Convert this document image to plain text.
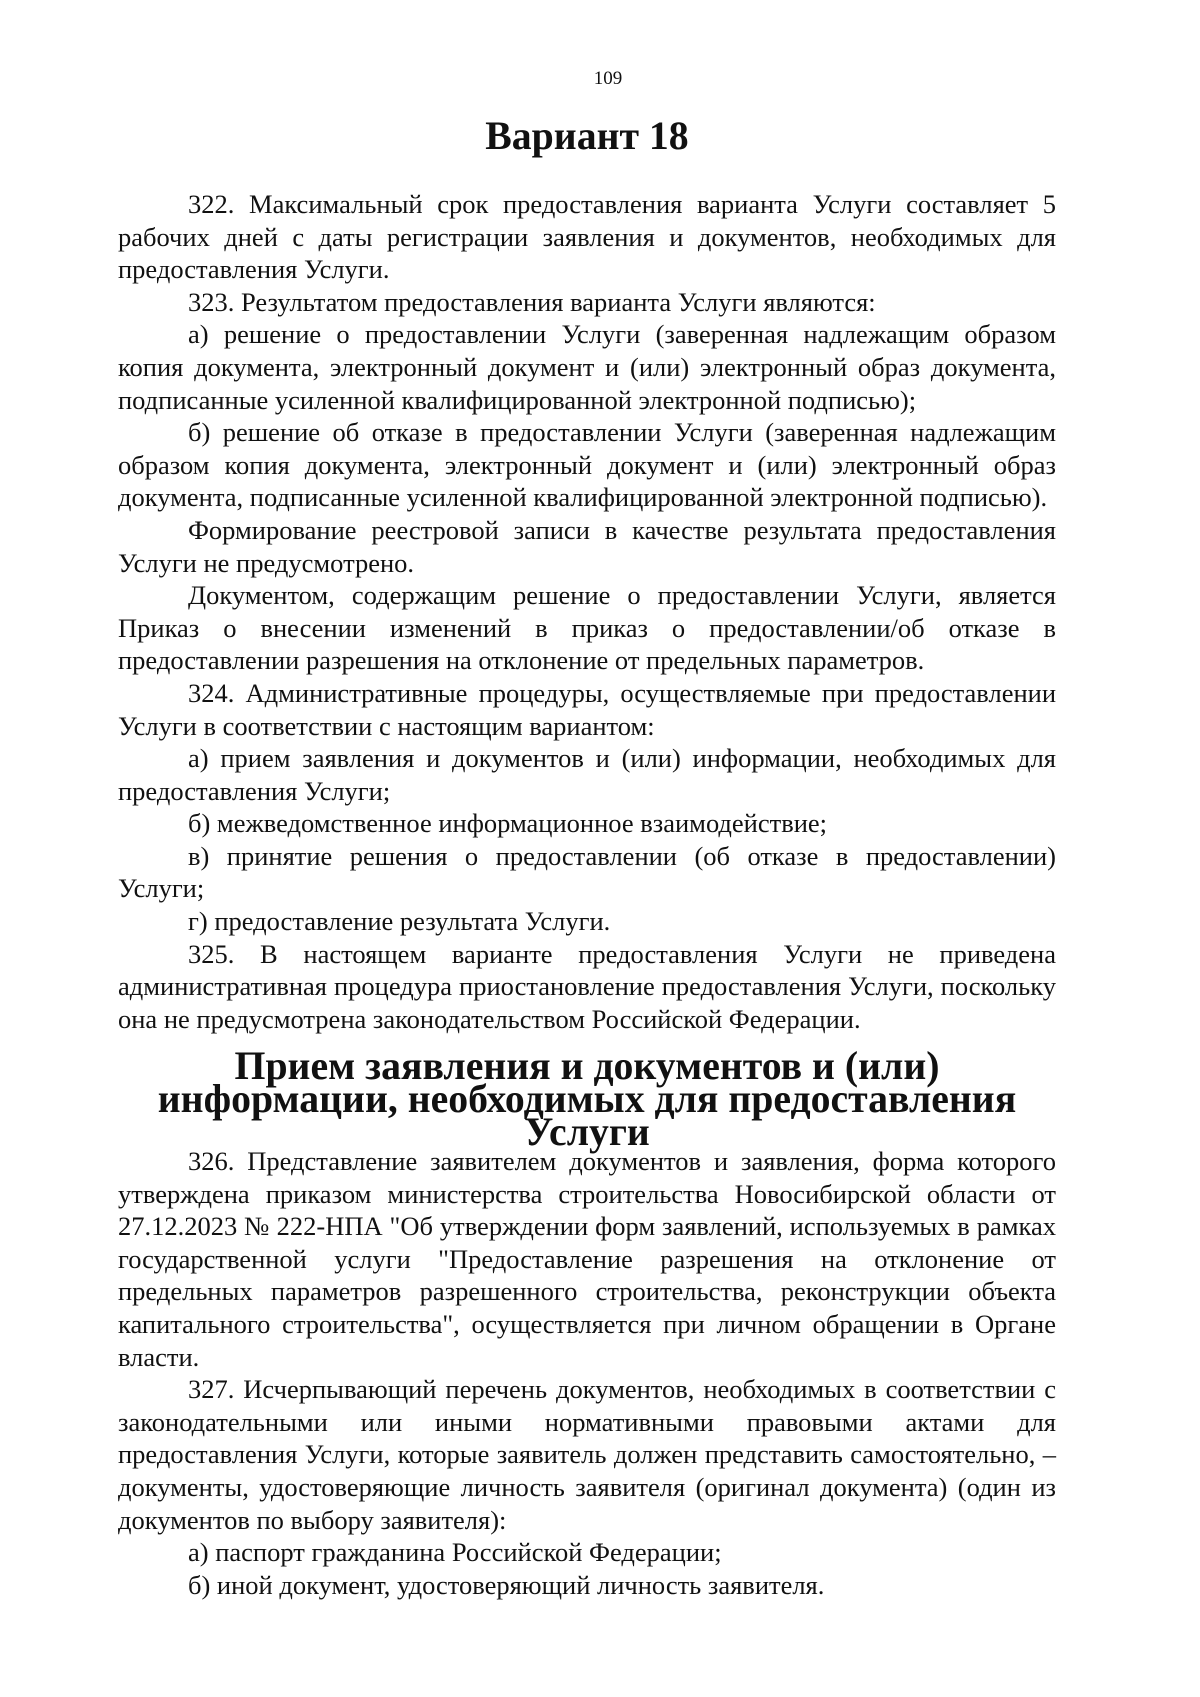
109
Вариант 18

322. Максимальный срок предоставления варианта Услуги составляет 5 рабочих дней с даты регистрации заявления и документов, необходимых для предоставления Услуги.

323. Результатом предоставления варианта Услуги являются:

а) решение о предоставлении Услуги (заверенная надлежащим образом копия документа, электронный документ и (или) электронный образ документа, подписанные усиленной квалифицированной электронной подписью);

б) решение об отказе в предоставлении Услуги (заверенная надлежащим образом копия документа, электронный документ и (или) электронный образ документа, подписанные усиленной квалифицированной электронной подписью).

Формирование реестровой записи в качестве результата предоставления Услуги не предусмотрено.

Документом, содержащим решение о предоставлении Услуги, является Приказ о внесении изменений в приказ о предоставлении/об отказе в предоставлении разрешения на отклонение от предельных параметров.

324. Административные процедуры, осуществляемые при предоставлении Услуги в соответствии с настоящим вариантом:

а) прием заявления и документов и (или) информации, необходимых для предоставления Услуги;

б) межведомственное информационное взаимодействие;

в) принятие решения о предоставлении (об отказе в предоставлении) Услуги;

г) предоставление результата Услуги.

325. В настоящем варианте предоставления Услуги не приведена административная процедура приостановление предоставления Услуги, поскольку она не предусмотрена законодательством Российской Федерации.

Прием заявления и документов и (или) информации, необходимых для предоставления Услуги

326. Представление заявителем документов и заявления, форма которого утверждена приказом министерства строительства Новосибирской области от 27.12.2023 № 222-НПА "Об утверждении форм заявлений, используемых в рамках государственной услуги "Предоставление разрешения на отклонение от предельных параметров разрешенного строительства, реконструкции объекта капитального строительства", осуществляется при личном обращении в Органе власти.

327. Исчерпывающий перечень документов, необходимых в соответствии с законодательными или иными нормативными правовыми актами для предоставления Услуги, которые заявитель должен представить самостоятельно, – документы, удостоверяющие личность заявителя (оригинал документа) (один из документов по выбору заявителя):

а) паспорт гражданина Российской Федерации;

б) иной документ, удостоверяющий личность заявителя.
